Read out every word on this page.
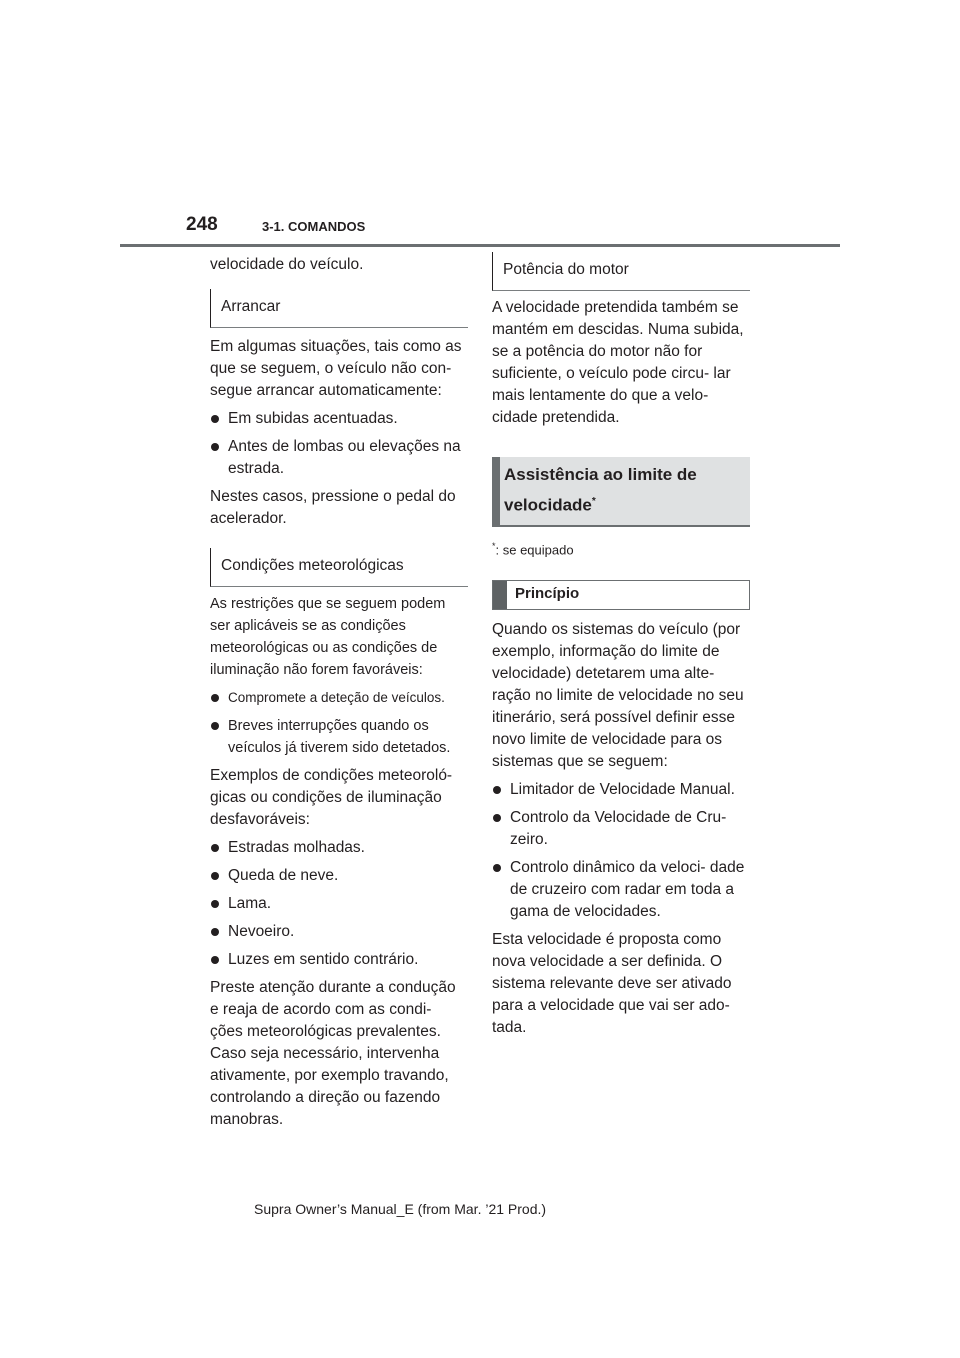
248	3-1. COMANDOS

velocidade do veículo.

Arrancar

Em algumas situações, tais como as que se seguem, o veículo não con- segue arrancar automaticamente:

Em subidas acentuadas.
Antes de lombas ou elevações na estrada.

Nestes casos, pressione o pedal do acelerador.

Condições meteorológicas

As restrições que se seguem podem ser aplicáveis se as condições meteorológicas ou as condições de iluminação não forem favoráveis:

Compromete a deteção de veículos.
Breves interrupções quando os veículos já tiverem sido detetados.

Exemplos de condições meteoroló- gicas ou condições de iluminação desfavoráveis:

Estradas molhadas.
Queda de neve.
Lama.
Nevoeiro.
Luzes em sentido contrário.

Preste atenção durante a condução e reaja de acordo com as condi- ções meteorológicas prevalentes. Caso seja necessário, intervenha ativamente, por exemplo travando, controlando a direção ou fazendo manobras.

Potência do motor

A velocidade pretendida também se mantém em descidas. Numa subida, se a potência do motor não for suficiente, o veículo pode circu- lar mais lentamente do que a velo- cidade pretendida.

Assistência ao limite de velocidade*

*: se equipado

Princípio

Quando os sistemas do veículo (por exemplo, informação do limite de velocidade) detetarem uma alte- ração no limite de velocidade no seu itinerário, será possível definir esse novo limite de velocidade para os sistemas que se seguem:

Limitador de Velocidade Manual.
Controlo da Velocidade de Cru- zeiro.
Controlo dinâmico da veloci- dade de cruzeiro com radar em toda a gama de velocidades.

Esta velocidade é proposta como nova velocidade a ser definida. O sistema relevante deve ser ativado para a velocidade que vai ser ado- tada.

Supra Owner’s Manual_E (from Mar. ’21 Prod.)
